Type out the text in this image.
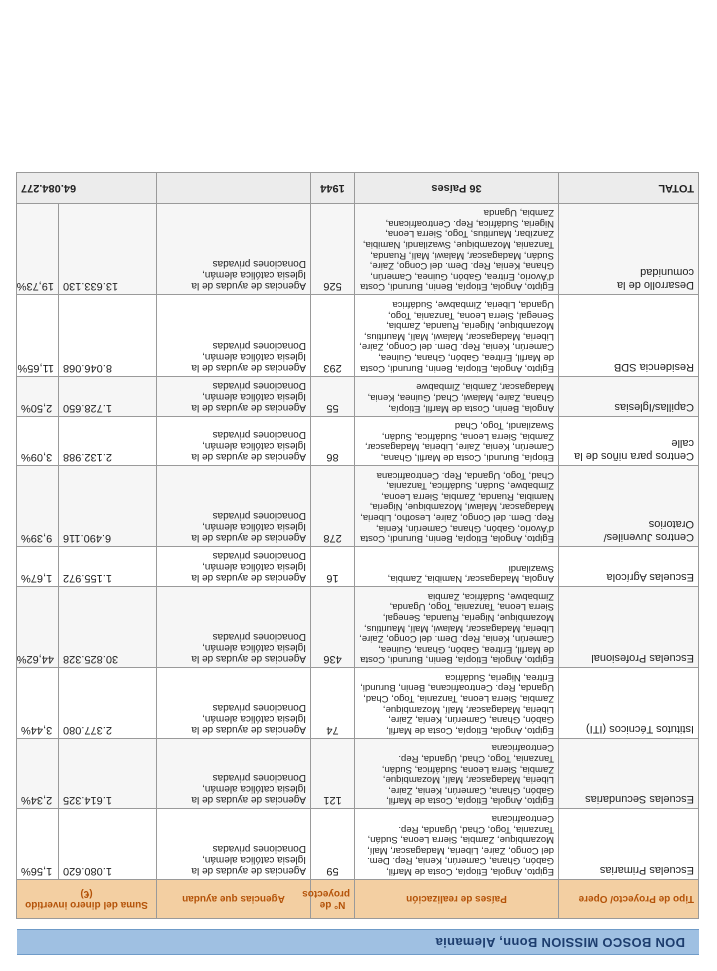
DON BOSCO MISSION Bonn, Alemania
Tipo de Proyecto/ Opere	Países de realización	N° de proyectos	Agencias que ayudan	Suma del dinero invertido (€)	
Escuelas Primarias	Egipto, Angola, Etiopía, Costa de Marfil, Gabón, Ghana, Camerún, Kenia, Rep. Dem. del Congo, Zaire, Liberia, Madagascar, Malí, Mozambique, Zambia, Sierra Leona, Sudán, Tanzania, Togo, Chad, Uganda, Rep. Centroafricana	59	Agencias de ayudas de la Iglesia católica alemán, Donaciones privadas	1.080.620	1,56%
Escuelas Secundarias	Egipto, Angola, Etiopía, Costa de Marfil, Gabón, Ghana, Camerún, Kenia, Zaire, Liberia, Madagascar, Malí, Mozambique, Zambia, Sierra Leona, Sudáfrica, Sudán, Tanzania, Togo, Chad, Uganda, Rep. Centroafricana	121	Agencias de ayudas de la Iglesia católica alemán, Donaciones privadas	1.614.325	2,34%
Istitutos Técnicos (ITI)	Egipto, Angola, Etiopía, Costa de Marfil, Gabón, Ghana, Camerún, Kenia, Zaire, Liberia, Madagascar, Malí, Mozambique, Zambia, Sierra Leona, Tanzania, Togo, Chad, Uganda, Rep. Centroafricana, Benin, Burundi, Eritrea, Nigeria, Sudáfrica	74	Agencias de ayudas de la Iglesia católica alemán, Donaciones privadas	2.377.080	3,44%
Escuelas Profesional	Egipto, Angola, Etiopía, Benin, Burundi, Costa de Marfil, Eritrea, Gabón, Ghana, Guinea, Camerún, Kenia, Rep. Dem. del Congo, Zaire, Liberia, Madagascar, Malawi, Malí, Mauritius, Mozambique, Nigeria, Ruanda, Senegal, Sierra Leona, Tanzania, Togo, Uganda, Zimbabwe, Sudáfrica, Zambia	436	Agencias de ayudas de la Iglesia católica alemán, Donaciones privadas	30.825.328	44,62%
Escuelas Agrícola	Angola, Madagascar, Namibia, Zambia, Swazilandi	16	Agencias de ayudas de la Iglesia católica alemán, Donaciones privadas	1.155.972	1,67%
Centros Juveniles/ Oratorios	Egipto, Angola, Etiopía, Benin, Burundi, Costa d'Avorio, Gabón, Ghana, Camerún, Kenia, Rep. Dem. del Congo, Zaire, Lesotho, Liberia, Madagascar, Malawi, Mozambique, Nigeria, Namibia, Ruanda, Zambia, Sierra Leona, Zimbabwe, Sudán, Sudáfrica, Tanzania, Chad, Togo, Uganda, Rep. Centroafricana	278	Agencias de ayudas de la Iglesia católica alemán, Donaciones privadas	6.490.116	9,39%
Centros para niños de la calle	Etiopía, Burundi, Costa de Marfil, Ghana, Camerún, Kenia, Zaire, Liberia, Madagascar, Zambia, Sierra Leona, Sudáfrica, Sudán, Swazilandi, Togo, Chad	86	Agencias de ayudas de la Iglesia católica alemán, Donaciones privadas	2.132.988	3,09%
Capillas/Iglesias	Angola, Benin, Costa de Marfil, Etiopía, Ghana, Zaire, Malawi, Chad, Guinea, Kenia, Madagascar, Zambia, Zimbabwe	55	Agencias de ayudas de la Iglesia católica alemán, Donaciones privadas	1.728.650	2,50%
Residencia SDB	Egipto, Angola, Etiopía, Benin, Burundi, Costa de Marfil, Eritrea, Gabón, Ghana, Guinea, Camerún, Kenia, Rep. Dem. del Congo, Zaire, Liberia, Madagascar, Malawi, Malí, Mauritius, Mozambique, Nigeria, Ruanda, Zambia, Senegal, Sierra Leona, Tanzania, Togo, Uganda, Liberia, Zimbabwe, Sudáfrica	293	Agencias de ayudas de la Iglesia católica alemán, Donaciones privadas	8.046.068	11,65%
Desarrollo de la comunidad	Egipto, Angola, Etiopía, Benin, Burundi, Costa d'Avorio, Eritrea, Gabón, Guinea, Camerún, Ghana, Kenia, Rep. Dem. del Congo, Zaire, Sudán, Madagascar, Malawi, Malí, Ruanda, Tanzania, Mozambique, Swazilandi, Namibia, Zanzíbar, Mauritius, Togo, Sierra Leona, Nigeria, Sudáfrica, Rep. Centroafricana, Zambia, Uganda	526	Agencias de ayudas de la Iglesia católica alemán, Donaciones privadas	13.633.130	19,73%
TOTAL	36 Países	1944		64.084.277	
